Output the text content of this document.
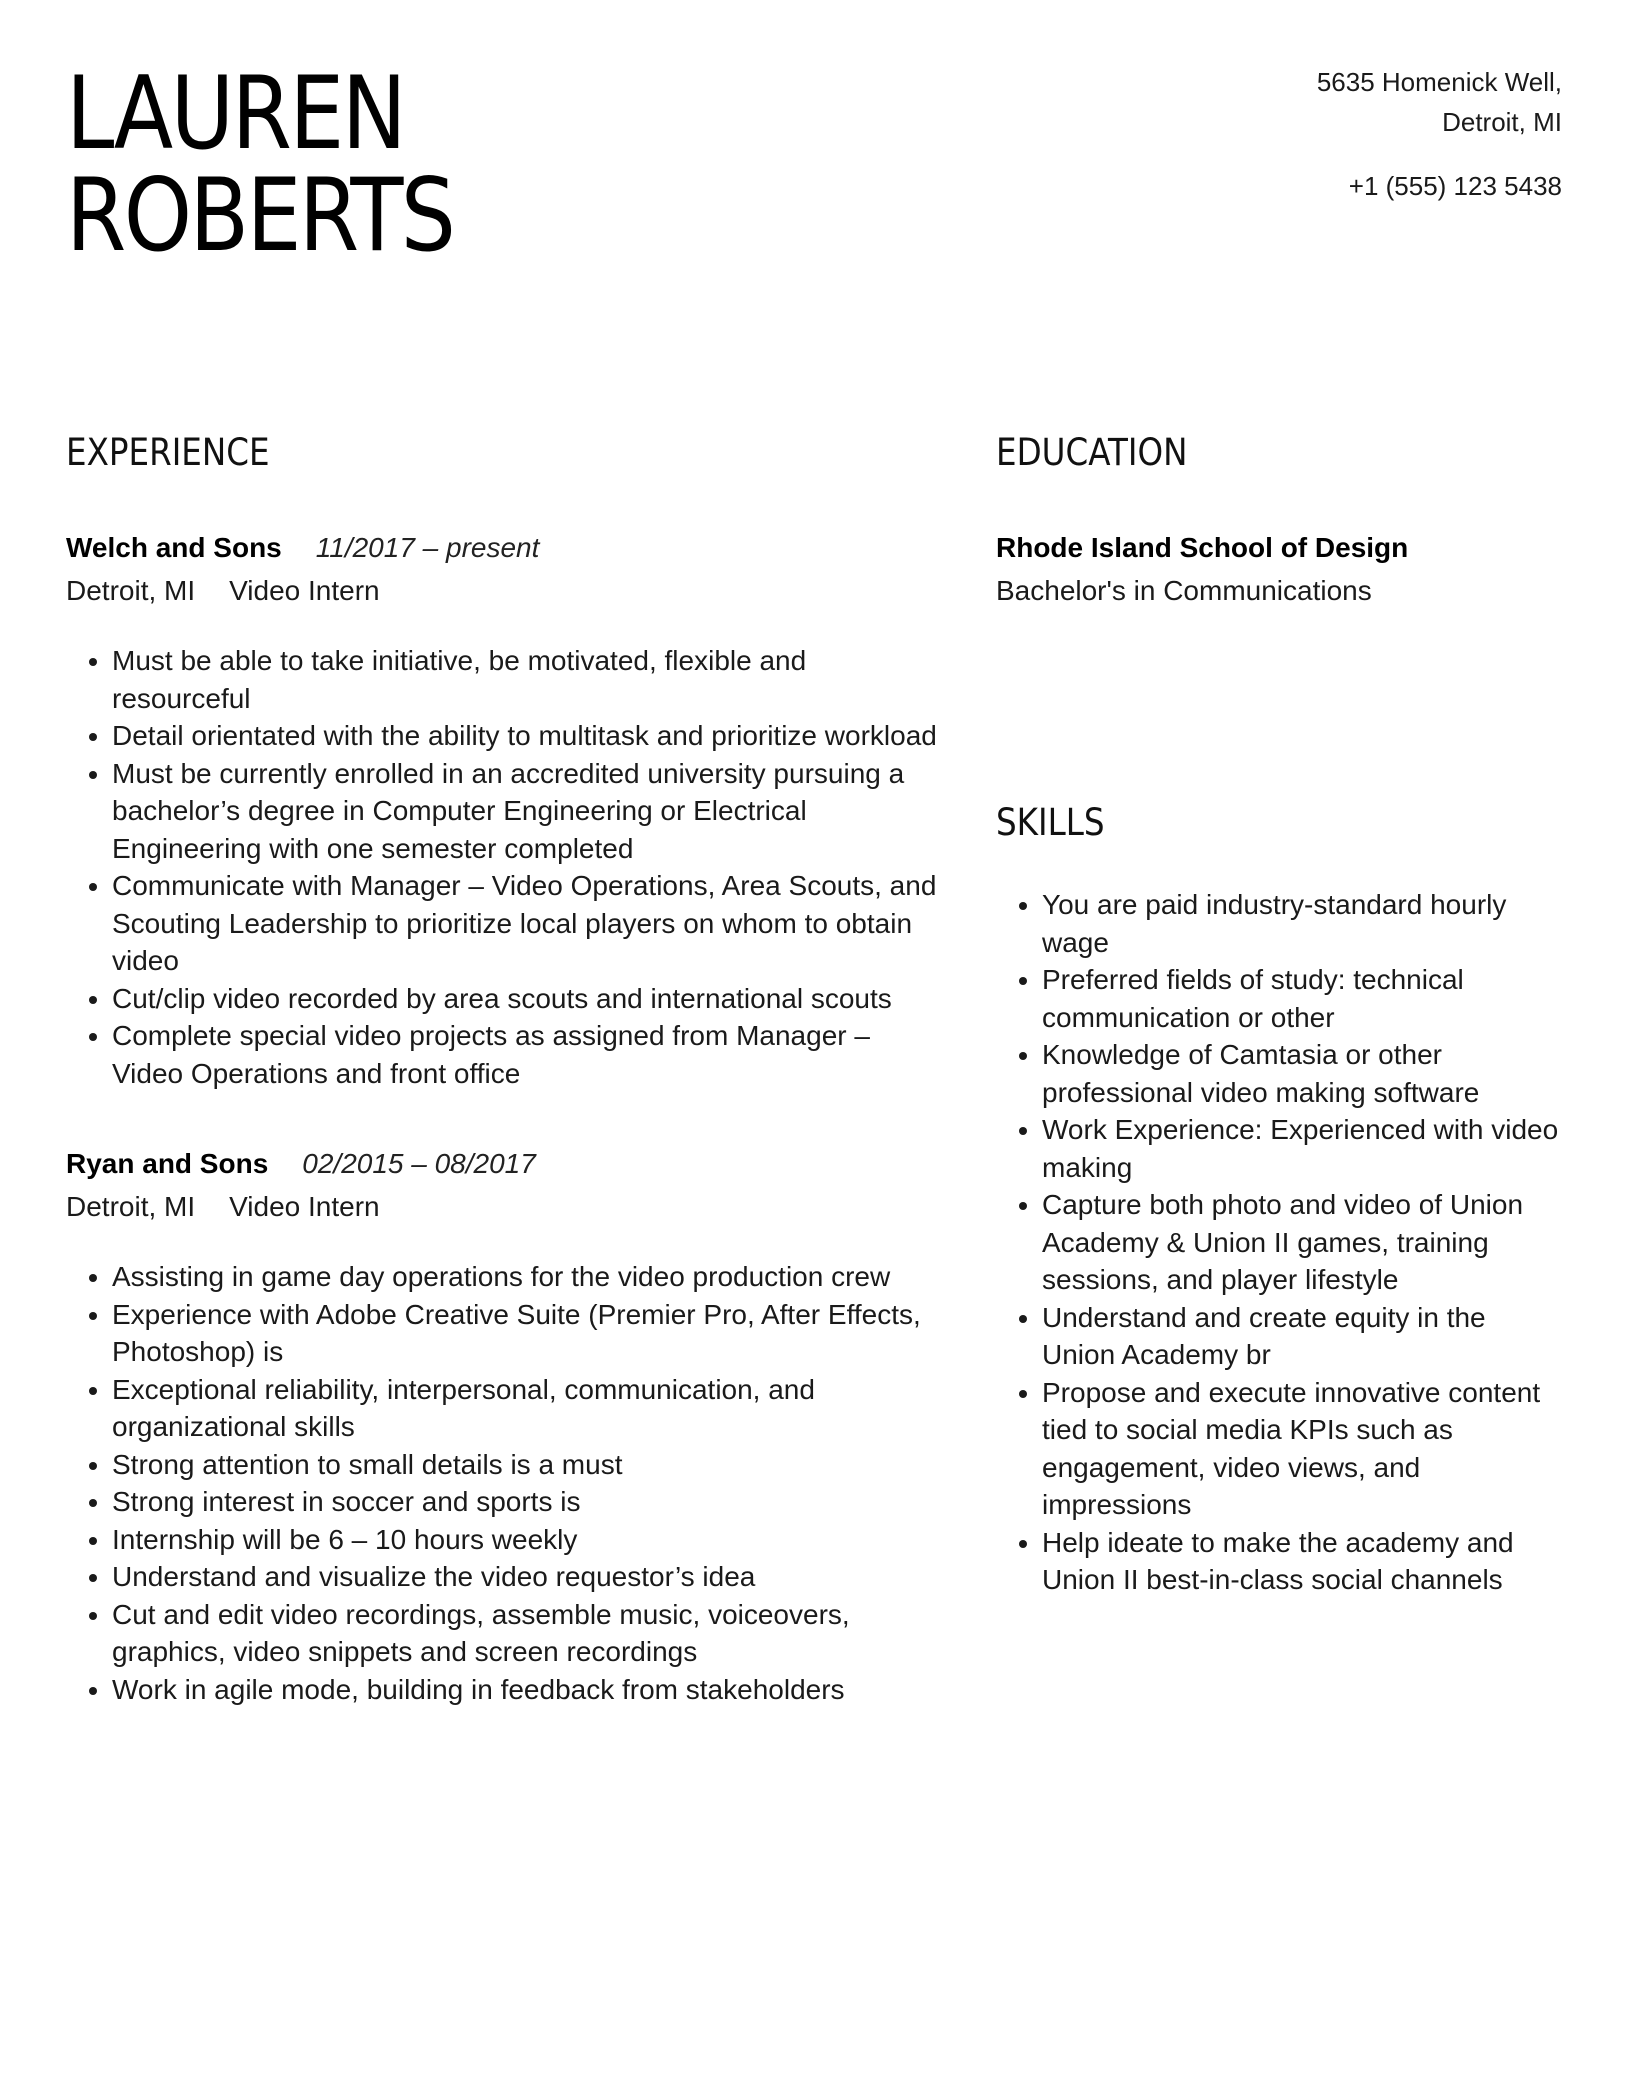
LAUREN
ROBERTS
5635 Homenick Well,
Detroit, MI
+1 (555) 123 5438
EXPERIENCE
Welch and Sons 11/2017 – present
Detroit, MI Video Intern
• Must be able to take initiative, be motivated, flexible and resourceful
• Detail orientated with the ability to multitask and prioritize workload
• Must be currently enrolled in an accredited university pursuing a bachelor’s degree in Computer Engineering or Electrical Engineering with one semester completed
• Communicate with Manager – Video Operations, Area Scouts, and Scouting Leadership to prioritize local players on whom to obtain video
• Cut/clip video recorded by area scouts and international scouts
• Complete special video projects as assigned from Manager – Video Operations and front office
Ryan and Sons 02/2015 – 08/2017
Detroit, MI Video Intern
• Assisting in game day operations for the video production crew
• Experience with Adobe Creative Suite (Premier Pro, After Effects, Photoshop) is
• Exceptional reliability, interpersonal, communication, and organizational skills
• Strong attention to small details is a must
• Strong interest in soccer and sports is
• Internship will be 6 – 10 hours weekly
• Understand and visualize the video requestor’s idea
• Cut and edit video recordings, assemble music, voiceovers, graphics, video snippets and screen recordings
• Work in agile mode, building in feedback from stakeholders
EDUCATION
Rhode Island School of Design
Bachelor's in Communications
SKILLS
• You are paid industry-standard hourly wage
• Preferred fields of study: technical communication or other
• Knowledge of Camtasia or other professional video making software
• Work Experience: Experienced with video making
• Capture both photo and video of Union Academy & Union II games, training sessions, and player lifestyle
• Understand and create equity in the Union Academy br
• Propose and execute innovative content tied to social media KPIs such as engagement, video views, and impressions
• Help ideate to make the academy and Union II best-in-class social channels
